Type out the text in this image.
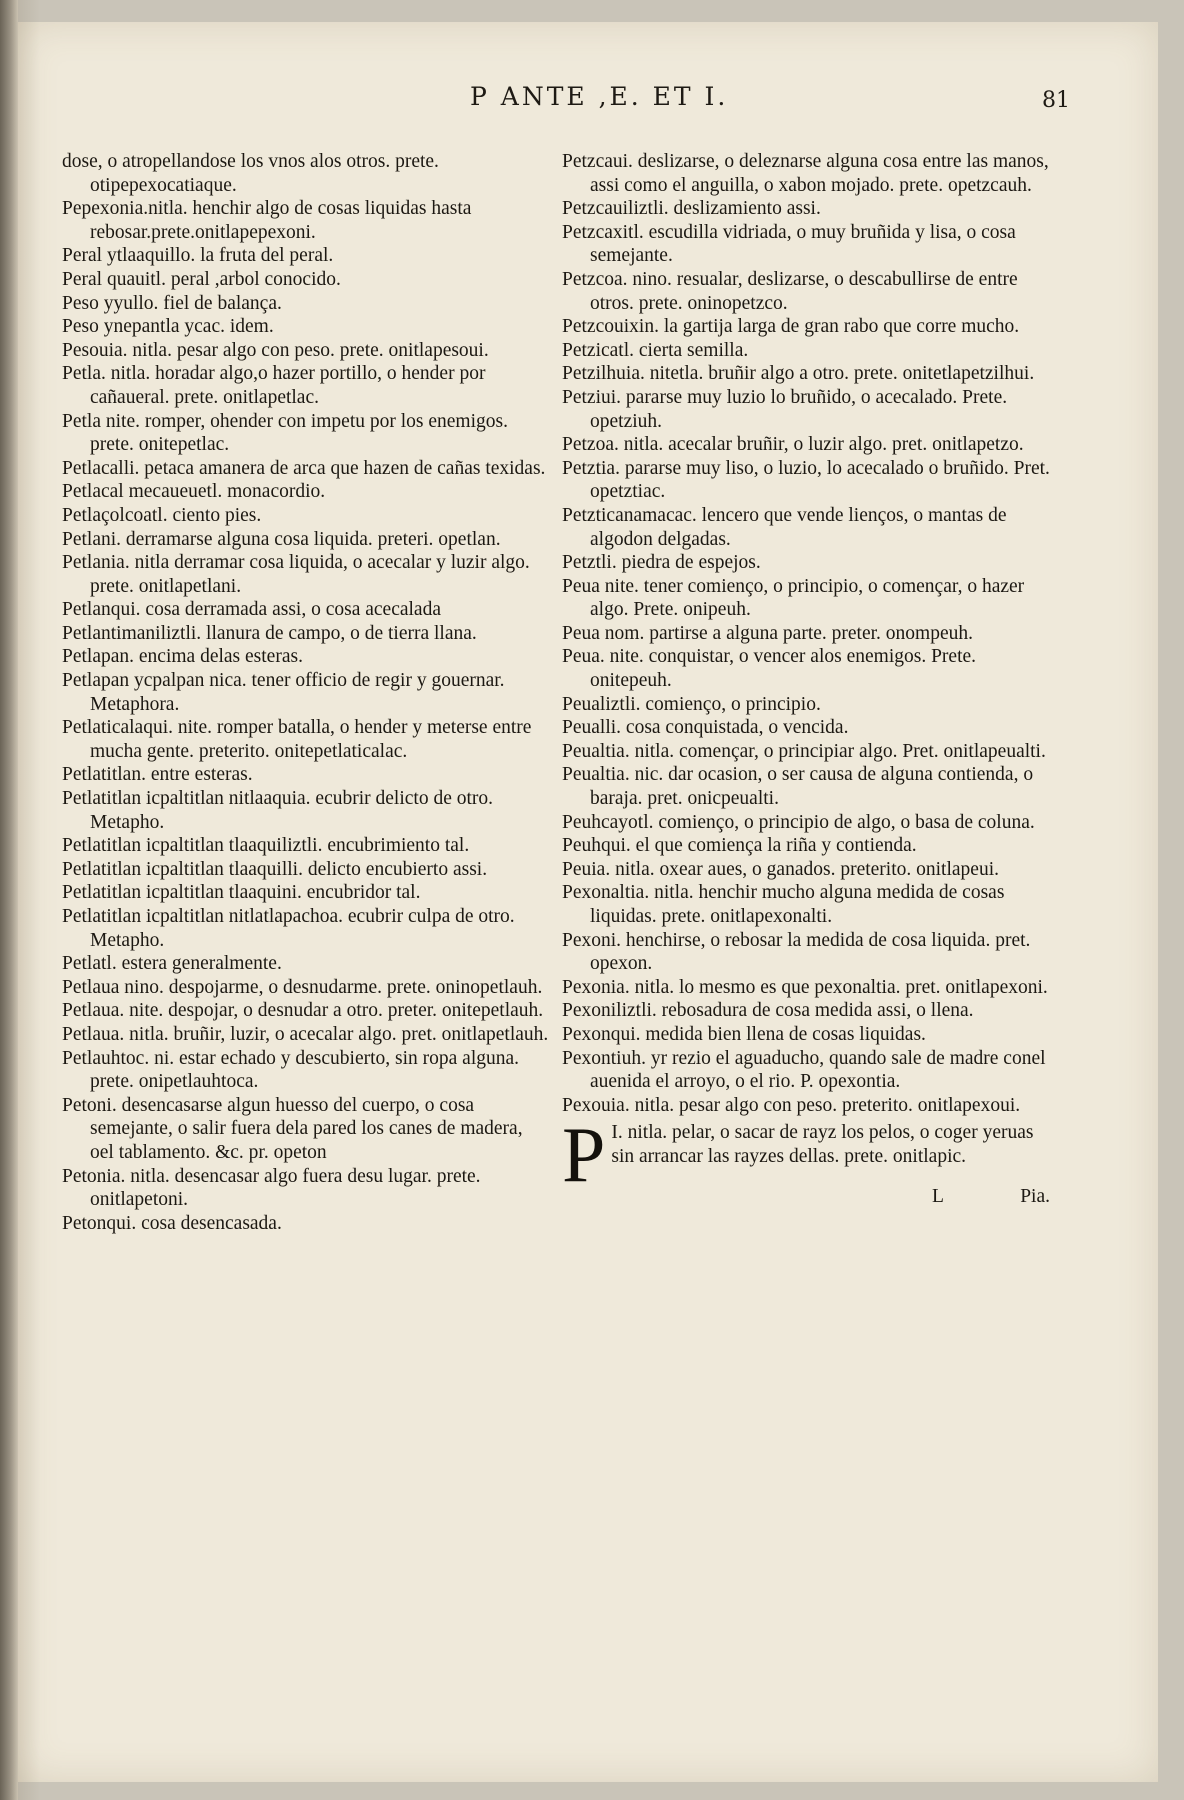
P ANTE ,E. ET I.	81

dose, o atropellandose los vnos alos otros. prete. otipepexocatiaque.

Pepexonia.nitla. henchir algo de cosas liquidas hasta rebosar.prete.onitlapepexoni.

Peral ytlaaquillo. la fruta del peral.

Peral quauitl. peral ,arbol conocido.

Peso yyullo. fiel de balança.

Peso ynepantla ycac. idem.

Pesouia. nitla. pesar algo con peso. prete. onitlapesoui.

Petla. nitla. horadar algo,o hazer portillo, o hender por cañaueral. prete. onitlapetlac.

Petla nite. romper, ohender con impetu por los enemigos. prete. onitepetlac.

Petlacalli. petaca amanera de arca que hazen de cañas texidas.

Petlacal mecaueuetl. monacordio.

Petlaçolcoatl. ciento pies.

Petlani. derramarse alguna cosa liquida. preteri. opetlan.

Petlania. nitla derramar cosa liquida, o acecalar y luzir algo. prete. onitlapetlani.

Petlanqui. cosa derramada assi, o cosa acecalada

Petlantimaniliztli. llanura de campo, o de tierra llana.

Petlapan. encima delas esteras.

Petlapan ycpalpan nica. tener officio de regir y gouernar. Metaphora.

Petlaticalaqui. nite. romper batalla, o hender y meterse entre mucha gente. preterito. onitepetlaticalac.

Petlatitlan. entre esteras.

Petlatitlan icpaltitlan nitlaaquia. ecubrir delicto de otro. Metapho.

Petlatitlan icpaltitlan tlaaquiliztli. encubrimiento tal.

Petlatitlan icpaltitlan tlaaquilli. delicto encubierto assi.

Petlatitlan icpaltitlan tlaaquini. encubridor tal.

Petlatitlan icpaltitlan nitlatlapachoa. ecubrir culpa de otro. Metapho.

Petlatl. estera generalmente.

Petlaua nino. despojarme, o desnudarme. prete. oninopetlauh.

Petlaua. nite. despojar, o desnudar a otro. preter. onitepetlauh.

Petlaua. nitla. bruñir, luzir, o acecalar algo. pret. onitlapetlauh.

Petlauhtoc. ni. estar echado y descubierto, sin ropa alguna. prete. onipetlauhtoca.

Petoni. desencasarse algun huesso del cuerpo, o cosa semejante, o salir fuera dela pared los canes de madera, oel tablamento. &c. pr. opeton

Petonia. nitla. desencasar algo fuera desu lugar. prete. onitlapetoni.

Petonqui. cosa desencasada.

Petzcaui. deslizarse, o deleznarse alguna cosa entre las manos, assi como el anguilla, o xabon mojado. prete. opetzcauh.

Petzcauiliztli. deslizamiento assi.

Petzcaxitl. escudilla vidriada, o muy bruñida y lisa, o cosa semejante.

Petzcoa. nino. resualar, deslizarse, o descabullirse de entre otros. prete. oninopetzco.

Petzcouixin. la gartija larga de gran rabo que corre mucho.

Petzicatl. cierta semilla.

Petzilhuia. nitetla. bruñir algo a otro. prete. onitetlapetzilhui.

Petziui. pararse muy luzio lo bruñido, o acecalado. Prete. opetziuh.

Petzoa. nitla. acecalar bruñir, o luzir algo. pret. onitlapetzo.

Petztia. pararse muy liso, o luzio, lo acecalado o bruñido. Pret. opetztiac.

Petzticanamacac. lencero que vende lienços, o mantas de algodon delgadas.

Petztli. piedra de espejos.

Peua nite. tener comienço, o principio, o començar, o hazer algo. Prete. onipeuh.

Peua nom. partirse a alguna parte. preter. onompeuh.

Peua. nite. conquistar, o vencer alos enemigos. Prete. onitepeuh.

Peualiztli. comienço, o principio.

Peualli. cosa conquistada, o vencida.

Peualtia. nitla. començar, o principiar algo. Pret. onitlapeualti.

Peualtia. nic. dar ocasion, o ser causa de alguna contienda, o baraja. pret. onicpeualti.

Peuhcayotl. comienço, o principio de algo, o basa de coluna.

Peuhqui. el que comiença la riña y contienda.

Peuia. nitla. oxear aues, o ganados. preterito. onitlapeui.

Pexonaltia. nitla. henchir mucho alguna medida de cosas liquidas. prete. onitlapexonalti.

Pexoni. henchirse, o rebosar la medida de cosa liquida. pret. opexon.

Pexonia. nitla. lo mesmo es que pexonaltia. pret. onitlapexoni.

Pexoniliztli. rebosadura de cosa medida assi, o llena.

Pexonqui. medida bien llena de cosas liquidas.

Pexontiuh. yr rezio el aguaducho, quando sale de madre conel auenida el arroyo, o el rio. P. opexontia.

Pexouia. nitla. pesar algo con peso. preterito. onitlapexoui.

P I. nitla. pelar, o sacar de rayz los pelos, o coger yeruas sin arrancar las rayzes dellas. prete. onitlapic.
L	Pia.
